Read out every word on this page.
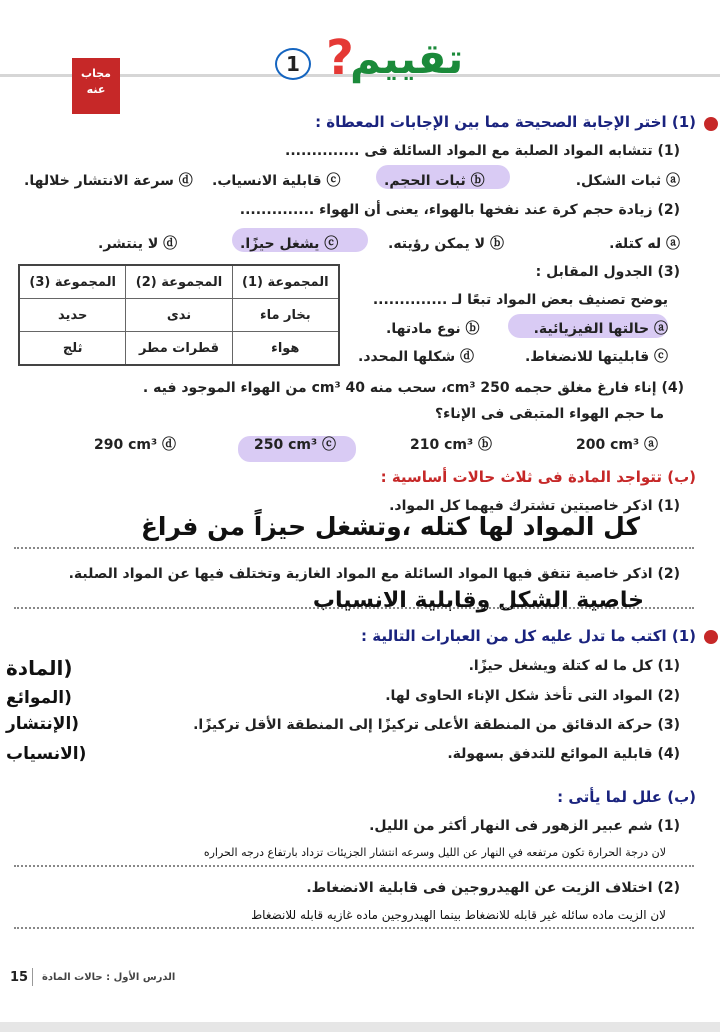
تقييم
?
1
مجاب عنه
(1) اختر الإجابة الصحيحة مما بين الإجابات المعطاة :
(1) تتشابه المواد الصلبة مع المواد السائلة فى ..............
ⓐ ثبات الشكل.
ⓑ ثبات الحجم.
ⓒ قابلية الانسياب.
ⓓ سرعة الانتشار خلالها.
(2) زيادة حجم كرة عند نفخها بالهواء، يعنى أن الهواء ..............
ⓐ له كتلة.
ⓑ لا يمكن رؤيته.
ⓒ يشغل حيزًا.
ⓓ لا ينتشر.
(3) الجدول المقابل :
يوضح تصنيف بعض المواد تبعًا لـ ..............
ⓐ حالتها الفيزيائية.
ⓑ نوع مادتها.
ⓒ قابليتها للانضغاط.
ⓓ شكلها المحدد.
المجموعة (1)	المجموعة (2)	المجموعة (3)
بخار ماء	ندى	حديد
هواء	قطرات مطر	ثلج
(4) إناء فارغ مغلق حجمه 250 cm³، سحب منه 40 cm³ من الهواء الموجود فيه .
ما حجم الهواء المتبقى فى الإناء؟
200 cm³ ⓐ
210 cm³ ⓑ
250 cm³ ⓒ
290 cm³ ⓓ
(ب) تتواجد المادة فى ثلاث حالات أساسية :
(1) اذكر خاصيتين تشترك فيهما كل المواد.
كل المواد لها كتله ،وتشغل حيزاً من فراغ
(2) اذكر خاصية تتفق فيها المواد السائلة مع المواد الغازية وتختلف فيها عن المواد الصلبة.
خاصية الشكل وقابلية الانسياب
(1) اكتب ما تدل عليه كل من العبارات التالية :
(1) كل ما له كتلة ويشغل حيزًا.
(2) المواد التى تأخذ شكل الإناء الحاوى لها.
(3) حركة الدقائق من المنطقة الأعلى تركيزًا إلى المنطقة الأقل تركيزًا.
(4) قابلية الموائع للتدفق بسهولة.
(المادة
(الموائع
(الإنتشار
(الانسياب
(ب) علل لما يأتى :
(1) شم عبير الزهور فى النهار أكثر من الليل.
لان درجة الحرارة تكون مرتفعه في النهار عن الليل وسرعه انتشار الجزيئات تزداد بارتفاع درجه الحراره
(2) اختلاف الزيت عن الهيدروجين فى قابلية الانضغاط.
لان الزيت ماده سائله غير قابله للانضغاط بينما الهيدروجين ماده غازيه قابله للانضغاط
15 الدرس الأول : حالات المادة
